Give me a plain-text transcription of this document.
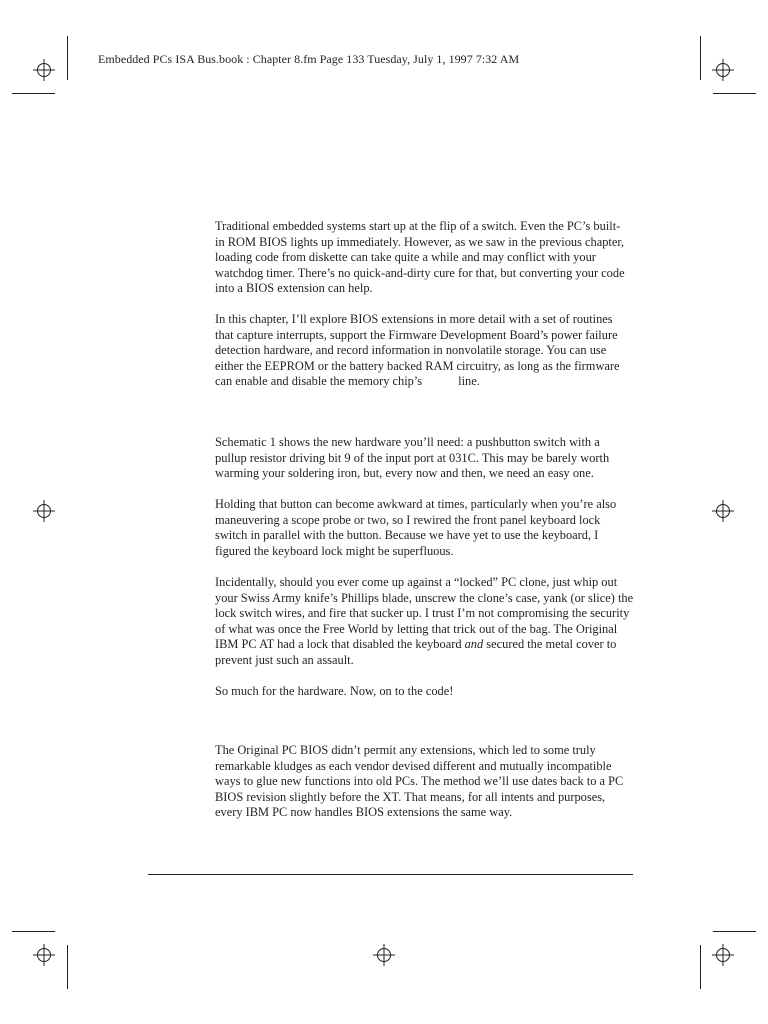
Embedded PCs ISA Bus.book : Chapter 8.fm Page 133 Tuesday, July 1, 1997 7:32 AM

Traditional embedded systems start up at the flip of a switch. Even the PC’s built-
in ROM BIOS lights up immediately. However, as we saw in the previous chapter,
loading code from diskette can take quite a while and may conflict with your
watchdog timer. There’s no quick-and-dirty cure for that, but converting your code
into a BIOS extension can help.

In this chapter, I’ll explore BIOS extensions in more detail with a set of routines
that capture interrupts, support the Firmware Development Board’s power failure
detection hardware, and record information in nonvolatile storage. You can use
either the EEPROM or the battery backed RAM circuitry, as long as the firmware
can enable and disable the memory chip’s	line.

Schematic 1 shows the new hardware you’ll need: a pushbutton switch with a
pullup resistor driving bit 9 of the input port at 031C. This may be barely worth
warming your soldering iron, but, every now and then, we need an easy one.

Holding that button can become awkward at times, particularly when you’re also
maneuvering a scope probe or two, so I rewired the front panel keyboard lock
switch in parallel with the button. Because we have yet to use the keyboard, I
figured the keyboard lock might be superfluous.

Incidentally, should you ever come up against a “locked” PC clone, just whip out
your Swiss Army knife’s Phillips blade, unscrew the clone’s case, yank (or slice) the
lock switch wires, and fire that sucker up. I trust I’m not compromising the security
of what was once the Free World by letting that trick out of the bag. The Original
IBM PC AT had a lock that disabled the keyboard and secured the metal cover to
prevent just such an assault.

So much for the hardware. Now, on to the code!

The Original PC BIOS didn’t permit any extensions, which led to some truly
remarkable kludges as each vendor devised different and mutually incompatible
ways to glue new functions into old PCs. The method we’ll use dates back to a PC
BIOS revision slightly before the XT. That means, for all intents and purposes,
every IBM PC now handles BIOS extensions the same way.
